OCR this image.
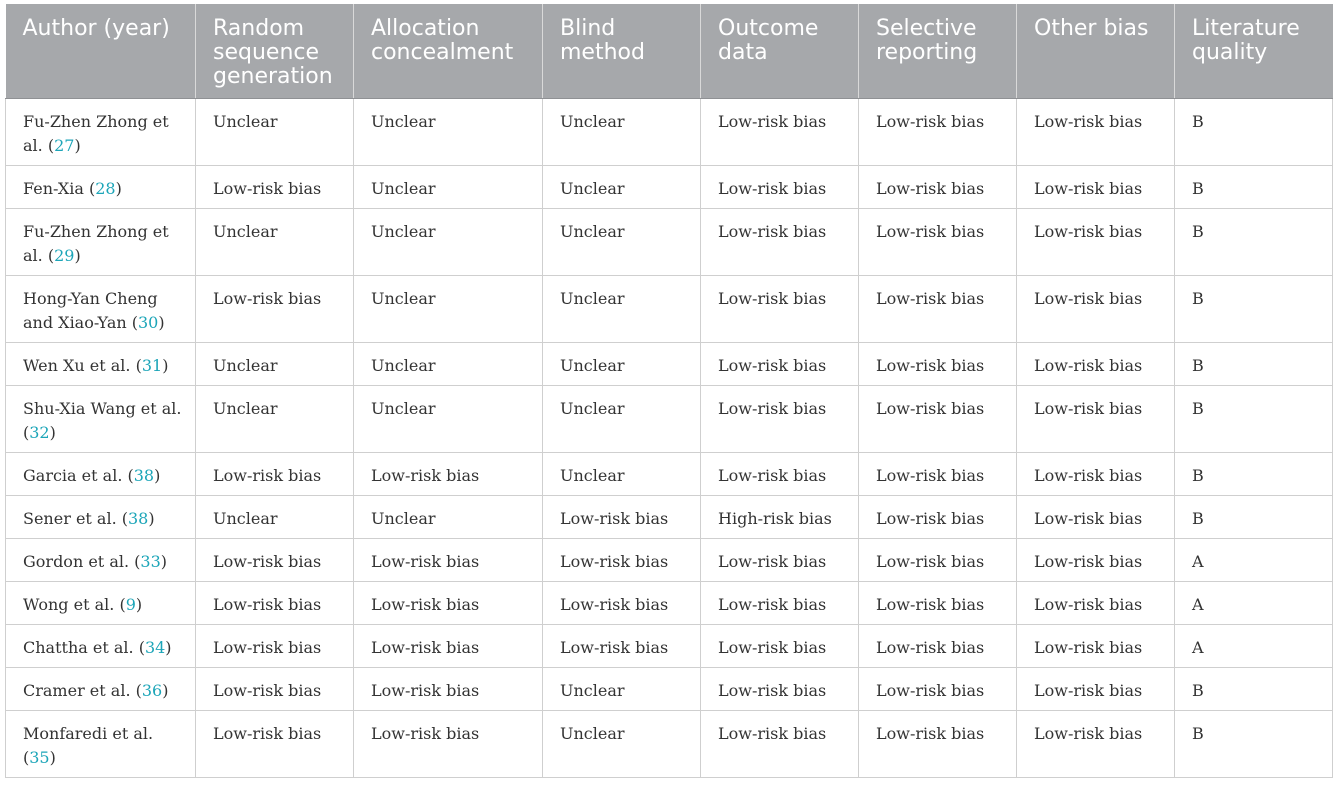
Author (year)	Random sequence generation	Allocation concealment	Blind method	Outcome data	Selective reporting	Other bias	Literature quality
Fu-Zhen Zhong et al. (27)	Unclear	Unclear	Unclear	Low-risk bias	Low-risk bias	Low-risk bias	B
Fen-Xia (28)	Low-risk bias	Unclear	Unclear	Low-risk bias	Low-risk bias	Low-risk bias	B
Fu-Zhen Zhong et al. (29)	Unclear	Unclear	Unclear	Low-risk bias	Low-risk bias	Low-risk bias	B
Hong-Yan Cheng and Xiao-Yan (30)	Low-risk bias	Unclear	Unclear	Low-risk bias	Low-risk bias	Low-risk bias	B
Wen Xu et al. (31)	Unclear	Unclear	Unclear	Low-risk bias	Low-risk bias	Low-risk bias	B
Shu-Xia Wang et al. (32)	Unclear	Unclear	Unclear	Low-risk bias	Low-risk bias	Low-risk bias	B
Garcia et al. (38)	Low-risk bias	Low-risk bias	Unclear	Low-risk bias	Low-risk bias	Low-risk bias	B
Sener et al. (38)	Unclear	Unclear	Low-risk bias	High-risk bias	Low-risk bias	Low-risk bias	B
Gordon et al. (33)	Low-risk bias	Low-risk bias	Low-risk bias	Low-risk bias	Low-risk bias	Low-risk bias	A
Wong et al. (9)	Low-risk bias	Low-risk bias	Low-risk bias	Low-risk bias	Low-risk bias	Low-risk bias	A
Chattha et al. (34)	Low-risk bias	Low-risk bias	Low-risk bias	Low-risk bias	Low-risk bias	Low-risk bias	A
Cramer et al. (36)	Low-risk bias	Low-risk bias	Unclear	Low-risk bias	Low-risk bias	Low-risk bias	B
Monfaredi et al. (35)	Low-risk bias	Low-risk bias	Unclear	Low-risk bias	Low-risk bias	Low-risk bias	B
